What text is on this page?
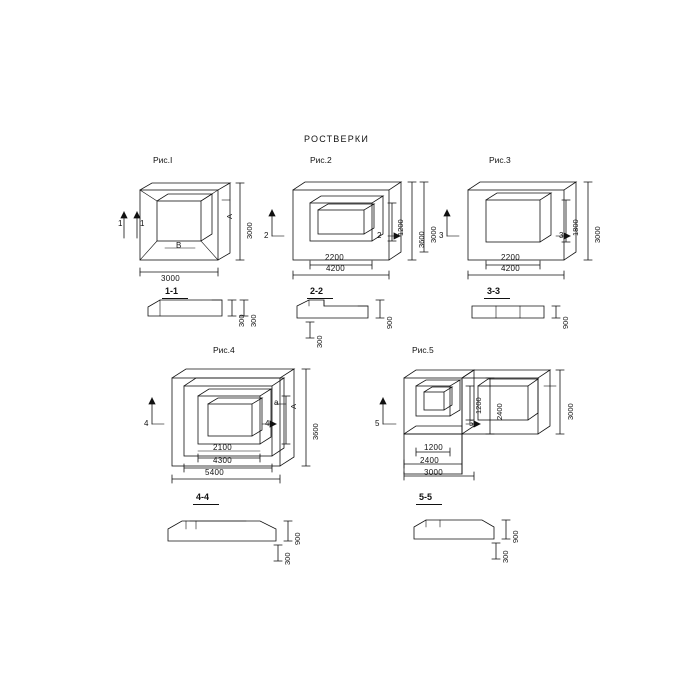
РОСТВЕРКИ
Рис.I	Рис.2	Рис.3
Рис.4	Рис.5
1-1	2-2	3-3
4-4	5-5
1 1
2	2	3	3
4	4	5	5
A
B
A
a
3000
3000
300 300
2200
4200
1200
3600 3000
900
300
2200
4200
1800 3000
900
2100
4300
5400
3600
900
300
1200
2400
3000
1200 2400	3000
900
300
